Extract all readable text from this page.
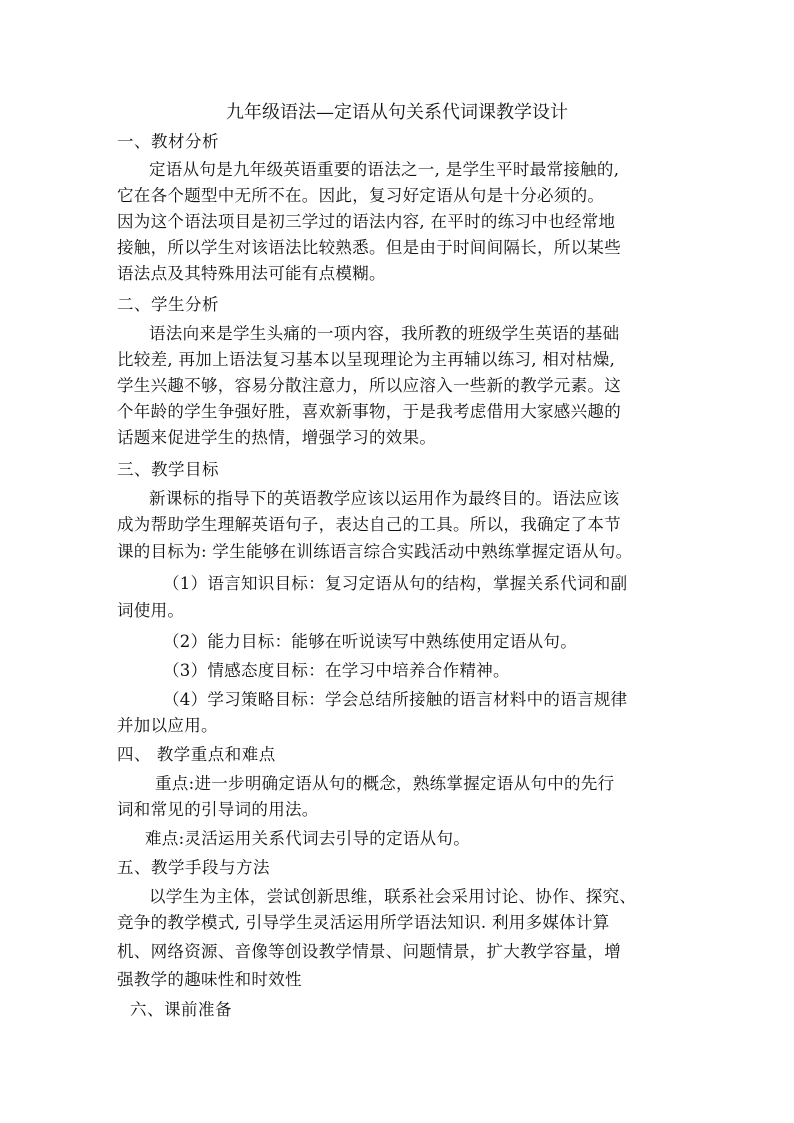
九年级语法—定语从句关系代词课教学设计
一、教材分析
定语从句是九年级英语重要的语法之一, 是学生平时最常接触的,
它在各个题型中无所不在。因此，复习好定语从句是十分必须的。
因为这个语法项目是初三学过的语法内容, 在平时的练习中也经常地
接触，所以学生对该语法比较熟悉。但是由于时间间隔长，所以某些
语法点及其特殊用法可能有点模糊。
二、学生分析
语法向来是学生头痛的一项内容，我所教的班级学生英语的基础
比较差, 再加上语法复习基本以呈现理论为主再辅以练习, 相对枯燥,
学生兴趣不够，容易分散注意力，所以应溶入一些新的教学元素。这
个年龄的学生争强好胜，喜欢新事物，于是我考虑借用大家感兴趣的
话题来促进学生的热情，增强学习的效果。
三、教学目标
新课标的指导下的英语教学应该以运用作为最终目的。语法应该
成为帮助学生理解英语句子，表达自己的工具。所以，我确定了本节
课的目标为: 学生能够在训练语言综合实践活动中熟练掌握定语从句。
（1）语言知识目标：复习定语从句的结构，掌握关系代词和副
词使用。
（2）能力目标：能够在听说读写中熟练使用定语从句。
（3）情感态度目标：在学习中培养合作精神。
（4）学习策略目标：学会总结所接触的语言材料中的语言规律
并加以应用。
四、 教学重点和难点
重点:进一步明确定语从句的概念，熟练掌握定语从句中的先行
词和常见的引导词的用法。
难点:灵活运用关系代词去引导的定语从句。
五、教学手段与方法
以学生为主体，尝试创新思维，联系社会采用讨论、协作、探究、
竞争的教学模式, 引导学生灵活运用所学语法知识. 利用多媒体计算
机、网络资源、音像等创设教学情景、问题情景，扩大教学容量，增
强教学的趣味性和时效性
六、课前准备
